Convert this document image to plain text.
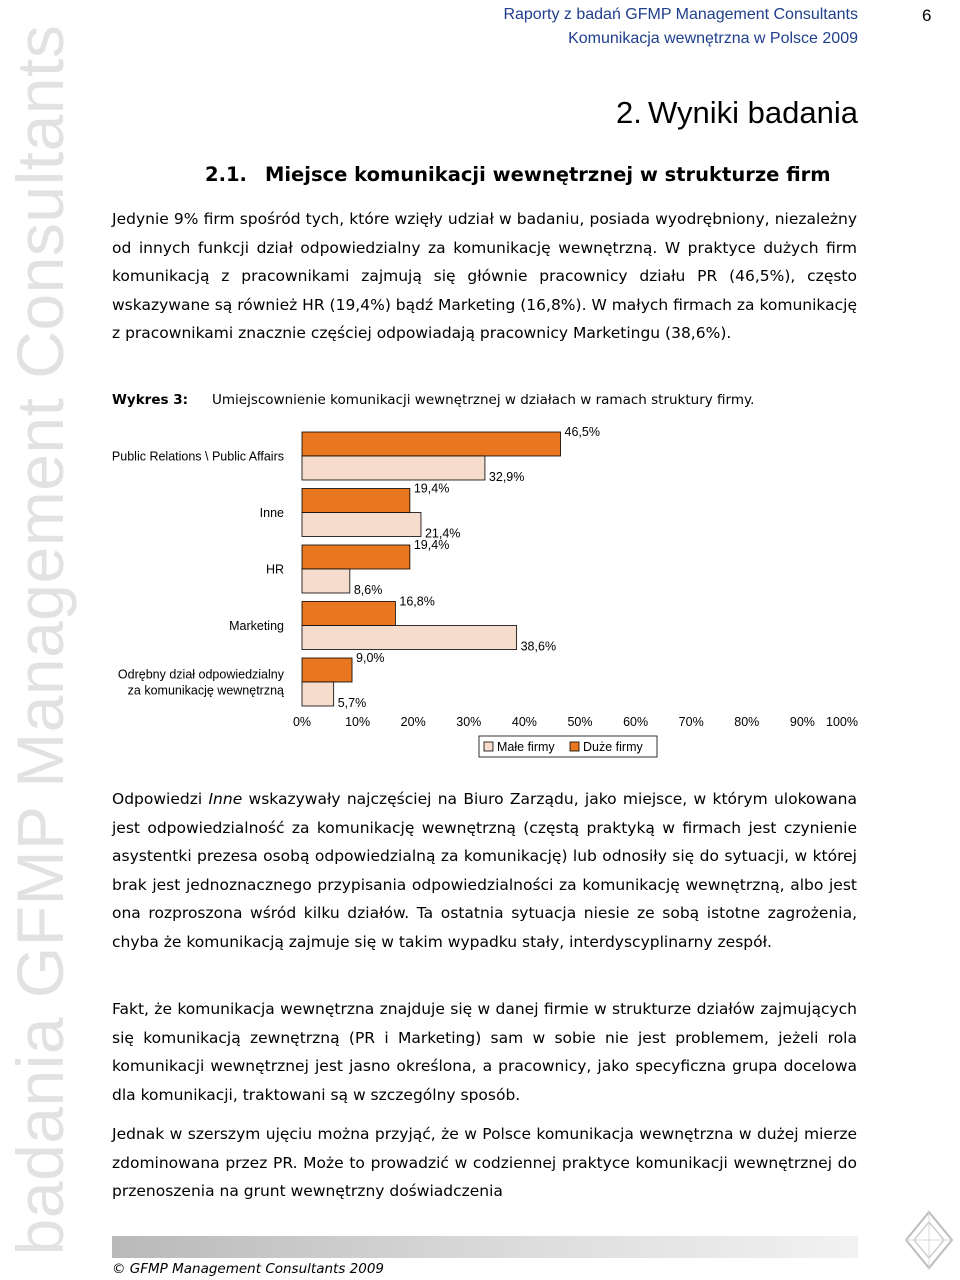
badania GFMP Management Consultants
Raporty z badań GFMP Management Consultants
Komunikacja wewnętrzna w Polsce 2009
6
2. Wyniki badania
2.1. Miejsce komunikacji wewnętrznej w strukturze firm

Jedynie 9% firm spośród tych, które wzięły udział w badaniu, posiada wyodrębniony, niezależny od innych funkcji dział odpowiedzialny za komunikację wewnętrzną. W praktyce dużych firm komunikacją z pracownikami zajmują się głównie pracownicy działu PR (46,5%), często wskazywane są również HR (19,4%) bądź Marketing (16,8%). W małych firmach za komunikację z pracownikami znacznie częściej odpowiadają pracownicy Marketingu (38,6%).

Wykres 3: Umiejscownienie komunikacji wewnętrznej w działach w ramach struktury firmy.
Public Relations \ Public Affairs
Inne
HR
Marketing
Odrębny dział odpowiedzialny
za komunikację wewnętrzną
46,5%
32,9%
19,4%
21,4%
19,4%
8,6%
16,8%
38,6%
9,0%
5,7%
0%	10% 20% 30% 40% 50% 60% 70% 80% 90% 100%
Małe firmy Duże firmy

Odpowiedzi Inne wskazywały najczęściej na Biuro Zarządu, jako miejsce, w którym ulokowana jest odpowiedzialność za komunikację wewnętrzną (częstą praktyką w firmach jest czynienie asystentki prezesa osobą odpowiedzialną za komunikację) lub odnosiły się do sytuacji, w której brak jest jednoznacznego przypisania odpowiedzialności za komunikację wewnętrzną, albo jest ona rozproszona wśród kilku działów. Ta ostatnia sytuacja niesie ze sobą istotne zagrożenia, chyba że komunikacją zajmuje się w takim wypadku stały, interdyscyplinarny zespół.

Fakt, że komunikacja wewnętrzna znajduje się w danej firmie w strukturze działów zajmujących się komunikacją zewnętrzną (PR i Marketing) sam w sobie nie jest problemem, jeżeli rola komunikacji wewnętrznej jest jasno określona, a pracownicy, jako specyficzna grupa docelowa dla komunikacji, traktowani są w szczególny sposób.

Jednak w szerszym ujęciu można przyjąć, że w Polsce komunikacja wewnętrzna w dużej mierze zdominowana przez PR. Może to prowadzić w codziennej praktyce komunikacji wewnętrznej do przenoszenia na grunt wewnętrzny doświadczenia

© GFMP Management Consultants 2009
